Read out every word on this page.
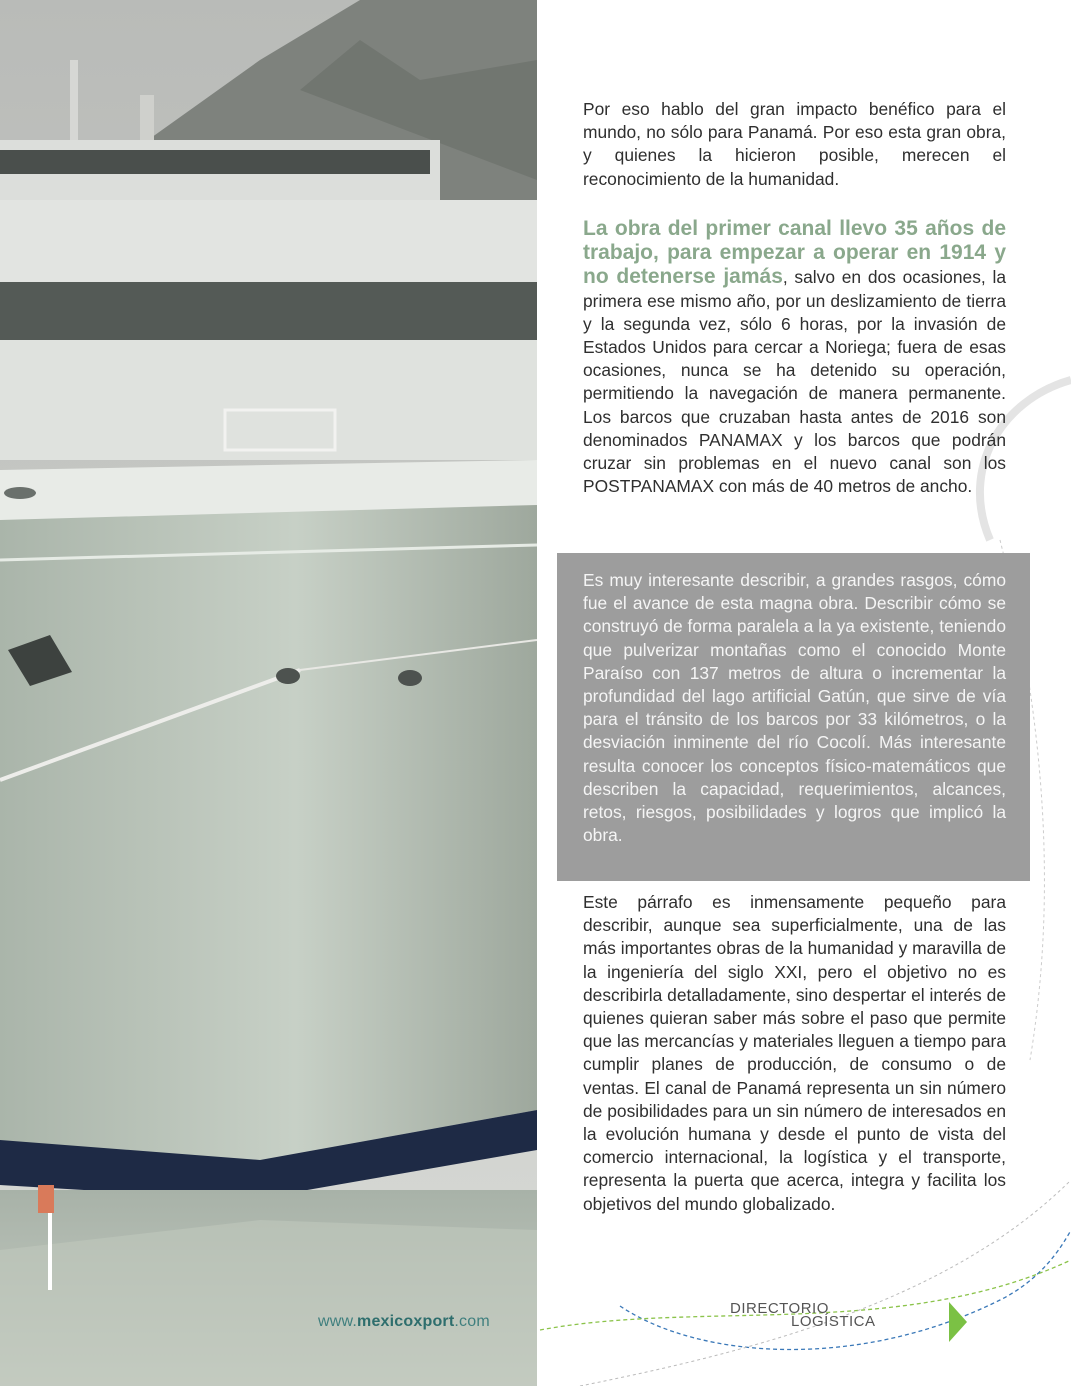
Por eso hablo del gran impacto benéfico para el mundo, no sólo para Panamá. Por eso esta gran obra, y quienes la hicieron posible, merecen el reconocimiento de la humanidad.

La obra del primer canal llevo 35 años de trabajo, para empezar a operar en 1914 y no detenerse jamás, salvo en dos ocasiones, la primera ese mismo año, por un deslizamiento de tierra y la segunda vez, sólo 6 horas, por la invasión de Estados Unidos para cercar a Noriega; fuera de esas ocasiones, nunca se ha detenido su operación, permitiendo la navegación de manera permanente. Los barcos que cruzaban hasta antes de 2016 son denominados PANAMAX y los barcos que podrán cruzar sin problemas en el nuevo canal son los POSTPANAMAX con más de 40 metros de ancho.

Es muy interesante describir, a grandes rasgos, cómo fue el avance de esta magna obra. Describir cómo se construyó de forma paralela a la ya existente, teniendo que pulverizar montañas como el conocido Monte Paraíso con 137 metros de altura o incrementar la profundidad del lago artificial Gatún, que sirve de vía para el tránsito de los barcos por 33 kilómetros, o la desviación inminente del río Cocolí. Más interesante resulta conocer los conceptos físico-matemáticos que describen la capacidad, requerimientos, alcances, retos, riesgos, posibilidades y logros que implicó la obra.

Este párrafo es inmensamente pequeño para describir, aunque sea superficialmente, una de las más importantes obras de la humanidad y maravilla de la ingeniería del siglo XXI, pero el objetivo no es describirla detalladamente, sino despertar el interés de quienes quieran saber más sobre el paso que permite que las mercancías y materiales lleguen a tiempo para cumplir planes de producción, de consumo o de ventas. El canal de Panamá representa un sin número de posibilidades para un sin número de interesados en la evolución humana y desde el punto de vista del comercio internacional, la logística y el transporte, representa la puerta que acerca, integra y facilita los objetivos del mundo globalizado.

www.mexicoxport.com
DIRECTORIO
LOGÍSTICA
